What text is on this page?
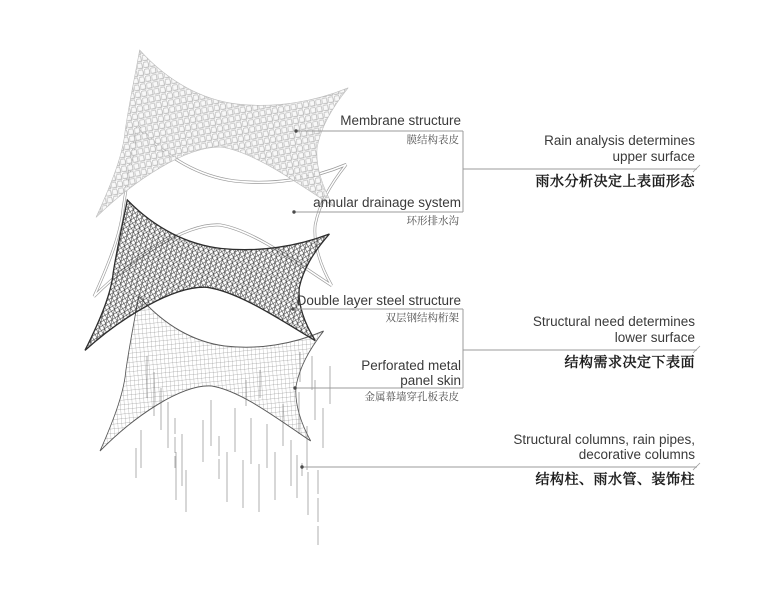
Membrane structure
膜结构表皮
annular drainage system
环形排水沟
Double layer steel structure
双层钢结构桁架
Perforated metal panel skin
金属幕墙穿孔板表皮
Rain analysis determines
upper surface
雨水分析决定上表面形态
Structural need determines
lower surface
结构需求决定下表面
Structural columns, rain pipes,
decorative columns
结构柱、雨水管、装饰柱
